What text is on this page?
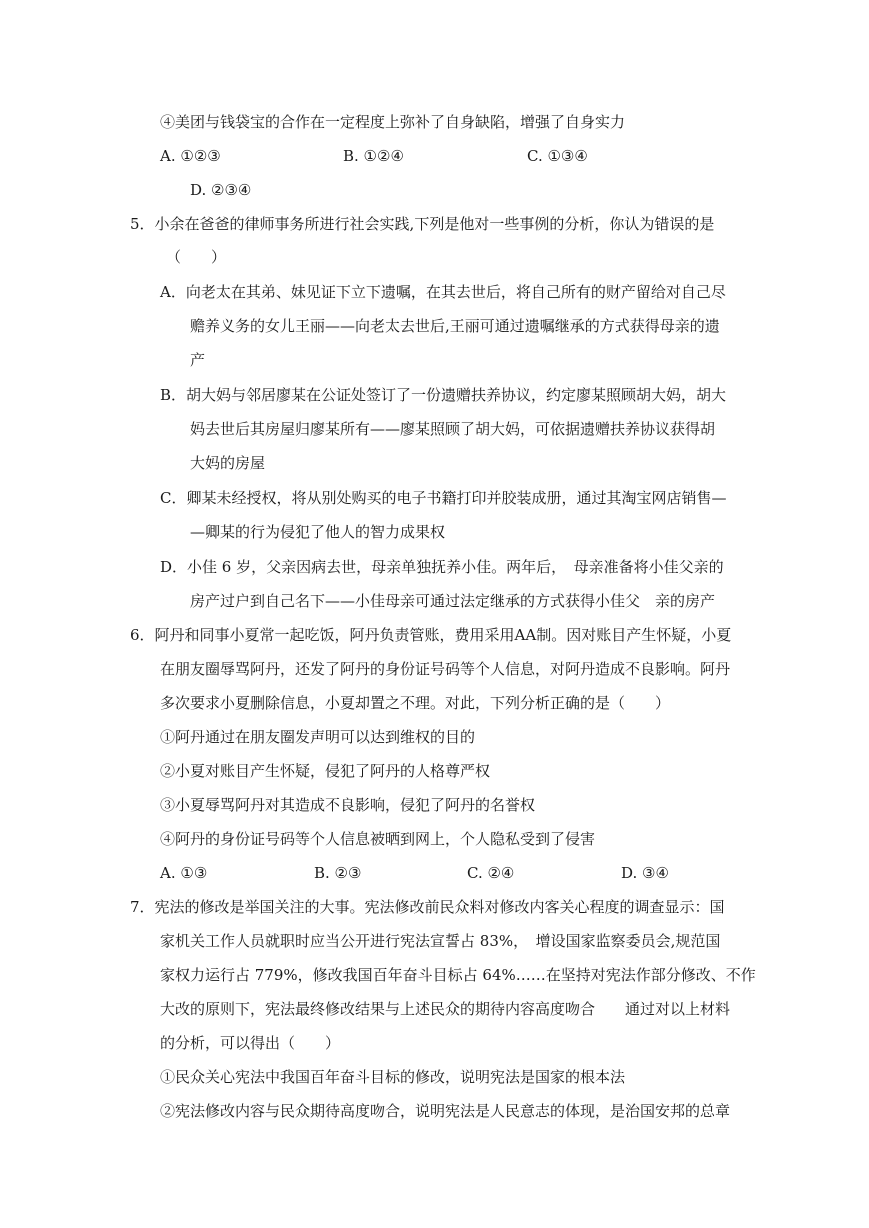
④美团与钱袋宝的合作在一定程度上弥补了自身缺陷，增强了自身实力
A. ①②③	B. ①②④	C. ①③④
D. ②③④
5．小余在爸爸的律师事务所进行社会实践,下列是他对一些事例的分析，你认为错误的是
（　　）
A．向老太在其弟、妹见证下立下遗嘱，在其去世后，将自己所有的财产留给对自己尽
赡养义务的女儿王丽——向老太去世后,王丽可通过遗嘱继承的方式获得母亲的遗
产
B．胡大妈与邻居廖某在公证处签订了一份遗赠扶养协议，约定廖某照顾胡大妈，胡大
妈去世后其房屋归廖某所有——廖某照顾了胡大妈，可依据遗赠扶养协议获得胡
大妈的房屋
C．卿某未经授权，将从别处购买的电子书籍打印并胶装成册，通过其淘宝网店销售—
—卿某的行为侵犯了他人的智力成果权
D．小佳 6 岁，父亲因病去世，母亲单独抚养小佳。两年后，　母亲准备将小佳父亲的
房产过户到自己名下——小佳母亲可通过法定继承的方式获得小佳父　亲的房产
6．阿丹和同事小夏常一起吃饭，阿丹负责管账，费用采用AA制。因对账目产生怀疑，小夏
在朋友圈辱骂阿丹，还发了阿丹的身份证号码等个人信息，对阿丹造成不良影响。阿丹
多次要求小夏删除信息，小夏却置之不理。对此，下列分析正确的是（　　）
①阿丹通过在朋友圈发声明可以达到维权的目的
②小夏对账目产生怀疑，侵犯了阿丹的人格尊严权
③小夏辱骂阿丹对其造成不良影响，侵犯了阿丹的名誉权
④阿丹的身份证号码等个人信息被晒到网上，个人隐私受到了侵害
A. ①③	B. ②③	C. ②④	D. ③④
7．宪法的修改是举国关注的大事。宪法修改前民众料对修改内客关心程度的调查显示：国
家机关工作人员就职时应当公开进行宪法宣誓占 83%，　增设国家监察委员会,规范国
家权力运行占 779%，修改我国百年奋斗目标占 64%……在坚持对宪法作部分修改、不作
大改的原则下，宪法最终修改结果与上述民众的期待内容高度吻合　　通过对以上材料
的分析，可以得出（　　）
①民众关心宪法中我国百年奋斗目标的修改，说明宪法是国家的根本法
②宪法修改内容与民众期待高度吻合，说明宪法是人民意志的体现，是治国安邦的总章
